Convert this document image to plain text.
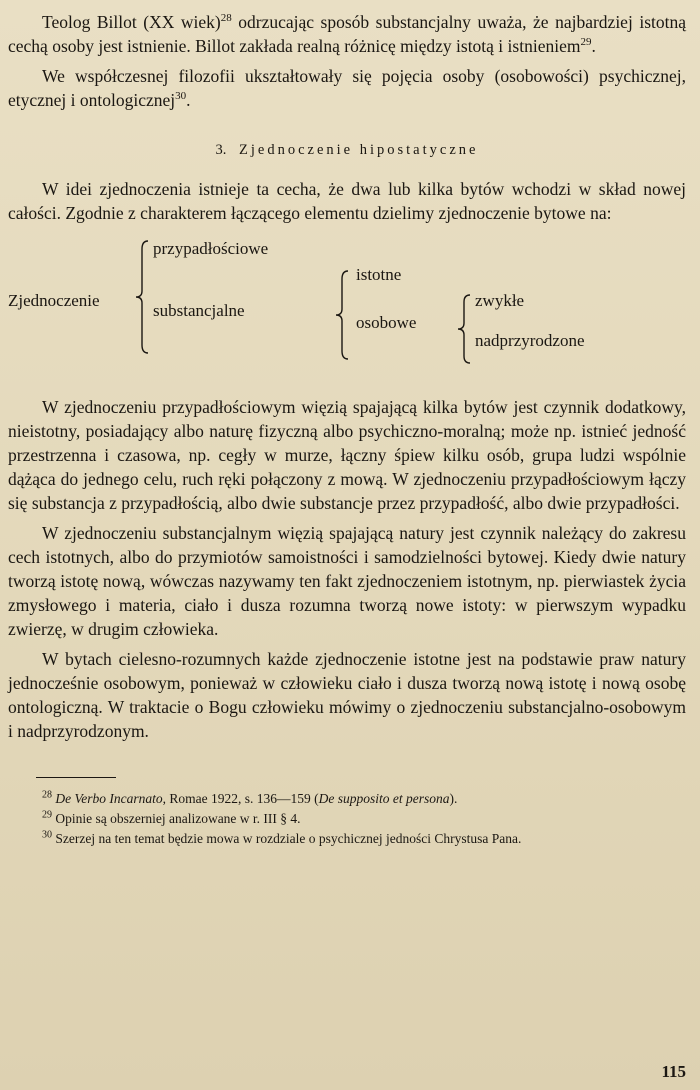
Teolog Billot (XX wiek)$^{28}$ odrzucając sposób substancjalny uważa, że najbardziej istotną cechą osoby jest istnienie. Billot zakłada realną różnicę między istotą i istnieniem$^{29}$.

We współczesnej filozofii ukształtowały się pojęcia osoby (osobowości) psychicznej, etycznej i ontologicznej$^{30}$.

3. Zjednoczenie hipostatyczne

W idei zjednoczenia istnieje ta cecha, że dwa lub kilka bytów wchodzi w skład nowej całości. Zgodnie z charakterem łączącego elementu dzielimy zjednoczenie bytowe na:

Zjednoczenie
przypadłościowe
substancjalne
istotne
osobowe
zwykłe
nadprzyrodzone

W zjednoczeniu przypadłościowym więzią spajającą kilka bytów jest czynnik dodatkowy, nieistotny, posiadający albo naturę fizyczną albo psychiczno-moralną; może np. istnieć jedność przestrzenna i czasowa, np. cegły w murze, łączny śpiew kilku osób, grupa ludzi wspólnie dążąca do jednego celu, ruch ręki połączony z mową. W zjednoczeniu przypadłościowym łączy się substancja z przypadłością, albo dwie substancje przez przypadłość, albo dwie przypadłości.

W zjednoczeniu substancjalnym więzią spajającą natury jest czynnik należący do zakresu cech istotnych, albo do przymiotów samoistności i samodzielności bytowej. Kiedy dwie natury tworzą istotę nową, wówczas nazywamy ten fakt zjednoczeniem istotnym, np. pierwiastek życia zmysłowego i materia, ciało i dusza rozumna tworzą nowe istoty: w pierwszym wypadku zwierzę, w drugim człowieka.

W bytach cielesno-rozumnych każde zjednoczenie istotne jest na podstawie praw natury jednocześnie osobowym, ponieważ w człowieku ciało i dusza tworzą nową istotę i nową osobę ontologiczną. W traktacie o Bogu człowieku mówimy o zjednoczeniu substancjalno-osobowym i nadprzyrodzonym.

$^{28}$ De Verbo Incarnato, Romae 1922, s. 136—159 (De supposito et persona).
$^{29}$ Opinie są obszerniej analizowane w r. III § 4.
$^{30}$ Szerzej na ten temat będzie mowa w rozdziale o psychicznej jedności Chrystusa Pana.
115
